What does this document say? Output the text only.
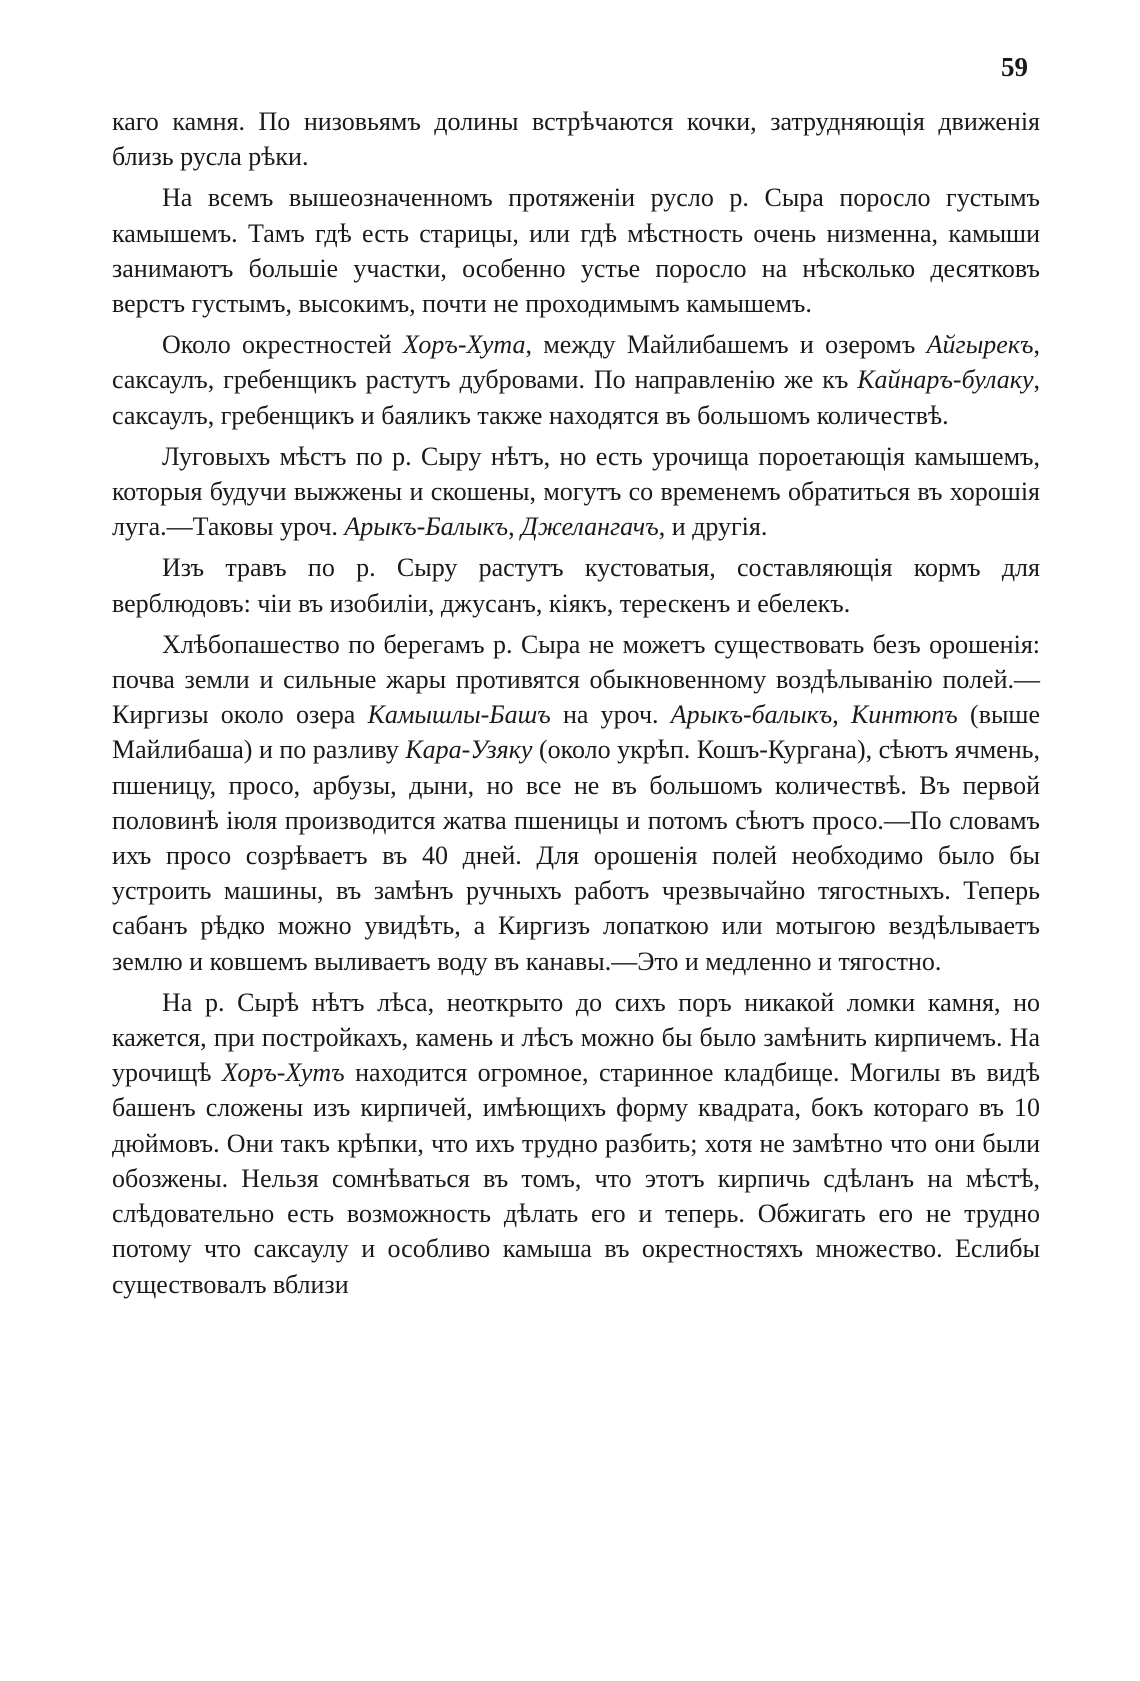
59

каго камня. По низовьямъ долины встрѣчаются кочки, затрудняющія движенія близь русла рѣки.

На всемъ вышеозначенномъ протяженіи русло р. Сыра поросло густымъ камышемъ. Тамъ гдѣ есть старицы, или гдѣ мѣстность очень низменна, камыши занимаютъ большіе участки, особенно устье поросло на нѣсколько десятковъ верстъ густымъ, высокимъ, почти не проходимымъ камышемъ.

Около окрестностей Хоръ-Хута, между Майлибашемъ и озеромъ Айгырекъ, саксаулъ, гребенщикъ растутъ дубровами. По направленію же къ Кайнаръ-булаку, саксаулъ, гребенщикъ и баяликъ также находятся въ большомъ количествѣ.

Луговыхъ мѣстъ по р. Сыру нѣтъ, но есть урочища пороетающія камышемъ, которыя будучи выжжены и скошены, могутъ со временемъ обратиться въ хорошія луга.—Таковы уроч. Арыкъ-Балыкъ, Джелангачъ, и другія.

Изъ травъ по р. Сыру растутъ кустоватыя, составляющія кормъ для верблюдовъ: чіи въ изобиліи, джусанъ, кіякъ, терескенъ и ебелекъ.

Хлѣбопашество по берегамъ р. Сыра не можетъ существовать безъ орошенія: почва земли и сильные жары противятся обыкновенному воздѣлыванію полей.—Киргизы около озера Камышлы-Башъ на уроч. Арыкъ-балыкъ, Кинтюпъ (выше Майлибаша) и по разливу Кара-Узяку (около укрѣп. Кошъ-Кургана), сѣютъ ячмень, пшеницу, просо, арбузы, дыни, но все не въ большомъ количествѣ. Въ первой половинѣ іюля производится жатва пшеницы и потомъ сѣютъ просо.—По словамъ ихъ просо созрѣваетъ въ 40 дней. Для орошенія полей необходимо было бы устроить машины, въ замѣнъ ручныхъ работъ чрезвычайно тягостныхъ. Теперь сабанъ рѣдко можно увидѣть, а Киргизъ лопаткою или мотыгою вездѣлываетъ землю и ковшемъ выливаетъ воду въ канавы.—Это и медленно и тягостно.

На р. Сырѣ нѣтъ лѣса, неоткрыто до сихъ поръ никакой ломки камня, но кажется, при постройкахъ, камень и лѣсъ можно бы было замѣнить кирпичемъ. На урочищѣ Хоръ-Хутъ находится огромное, старинное кладбище. Могилы въ видѣ башенъ сложены изъ кирпичей, имѣющихъ форму квадрата, бокъ котораго въ 10 дюймовъ. Они такъ крѣпки, что ихъ трудно разбить; хотя не замѣтно что они были обозжены. Нельзя сомнѣваться въ томъ, что этотъ кирпичь сдѣланъ на мѣстѣ, слѣдовательно есть возможность дѣлать его и теперь. Обжигать его не трудно потому что саксаулу и особливо камыша въ окрестностяхъ множество. Еслибы существовалъ вблизи
